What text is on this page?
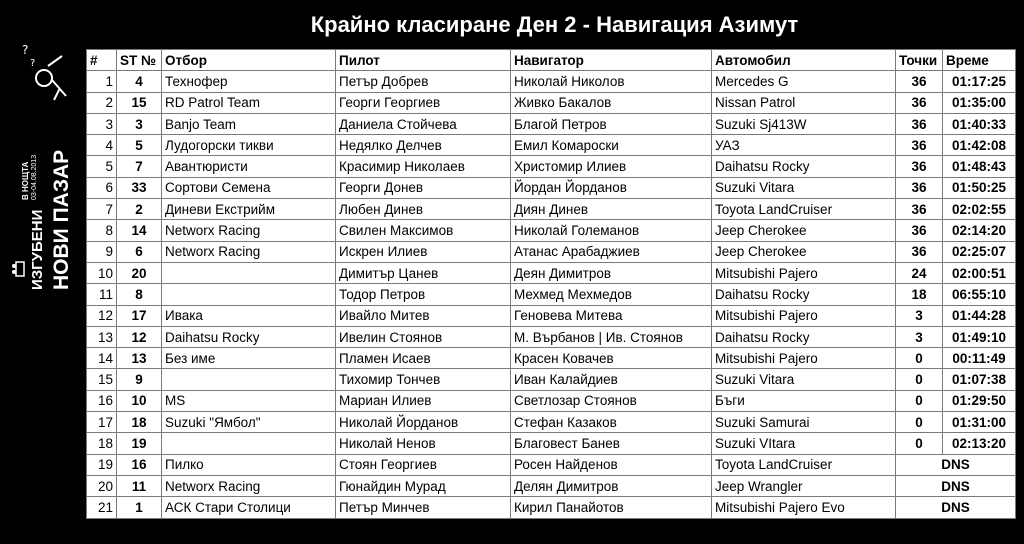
Крайно класиране Ден 2 - Навигация Азимут
?
?
НОВИ ПАЗАР
ИЗГУБЕНИ
В НОЩТА 03-04.08.2013
#	ST №	Отбор	Пилот	Навигатор	Автомобил	Точки	Време
1	4	Технофер	Петър Добрев	Николай Николов	Mercedes G	36	01:17:25
2	15	RD Patrol Team	Георги Георгиев	Живко Бакалов	Nissan Patrol	36	01:35:00
3	3	Banjo Team	Даниела Стойчева	Благой Петров	Suzuki Sj413W	36	01:40:33
4	5	Лудогорски тикви	Недялко Делчев	Емил Комароски	УАЗ	36	01:42:08
5	7	Авантюристи	Красимир Николаев	Христомир Илиев	Daihatsu Rocky	36	01:48:43
6	33	Сортови Семена	Георги Донев	Йордан Йорданов	Suzuki Vitara	36	01:50:25
7	2	Диневи Екстрийм	Любен Динев	Диян Динев	Toyota LandCruiser	36	02:02:55
8	14	Networx Racing	Свилен Максимов	Николай Големанов	Jeep Cherokee	36	02:14:20
9	6	Networx Racing	Искрен Илиев	Атанас Арабаджиев	Jeep Cherokee	36	02:25:07
10	20		Димитър Цанев	Деян Димитров	Mitsubishi Pajero	24	02:00:51
11	8		Тодор Петров	Мехмед Мехмедов	Daihatsu Rocky	18	06:55:10
12	17	Ивака	Ивайло Митев	Геновева Митева	Mitsubishi Pajero	3	01:44:28
13	12	Daihatsu Rocky	Ивелин Стоянов	М. Върбанов | Ив. Стоянов	Daihatsu Rocky	3	01:49:10
14	13	Без име	Пламен Исаев	Красен Ковачев	Mitsubishi Pajero	0	00:11:49
15	9		Тихомир Тончев	Иван Калайдиев	Suzuki Vitara	0	01:07:38
16	10	MS	Мариан Илиев	Светлозар Стоянов	Бъги	0	01:29:50
17	18	Suzuki "Ямбол"	Николай Йорданов	Стефан Казаков	Suzuki Samurai	0	01:31:00
18	19		Николай Ненов	Благовест Банев	Suzuki VItara	0	02:13:20
19	16	Пилко	Стоян Георгиев	Росен Найденов	Toyota LandCruiser	DNS	
20	11	Networx Racing	Гюнайдин Мурад	Делян Димитров	Jeep Wrangler	DNS	
21	1	АСК Стари Столици	Петър Минчев	Кирил Панайотов	Mitsubishi Pajero Evo	DNS	
